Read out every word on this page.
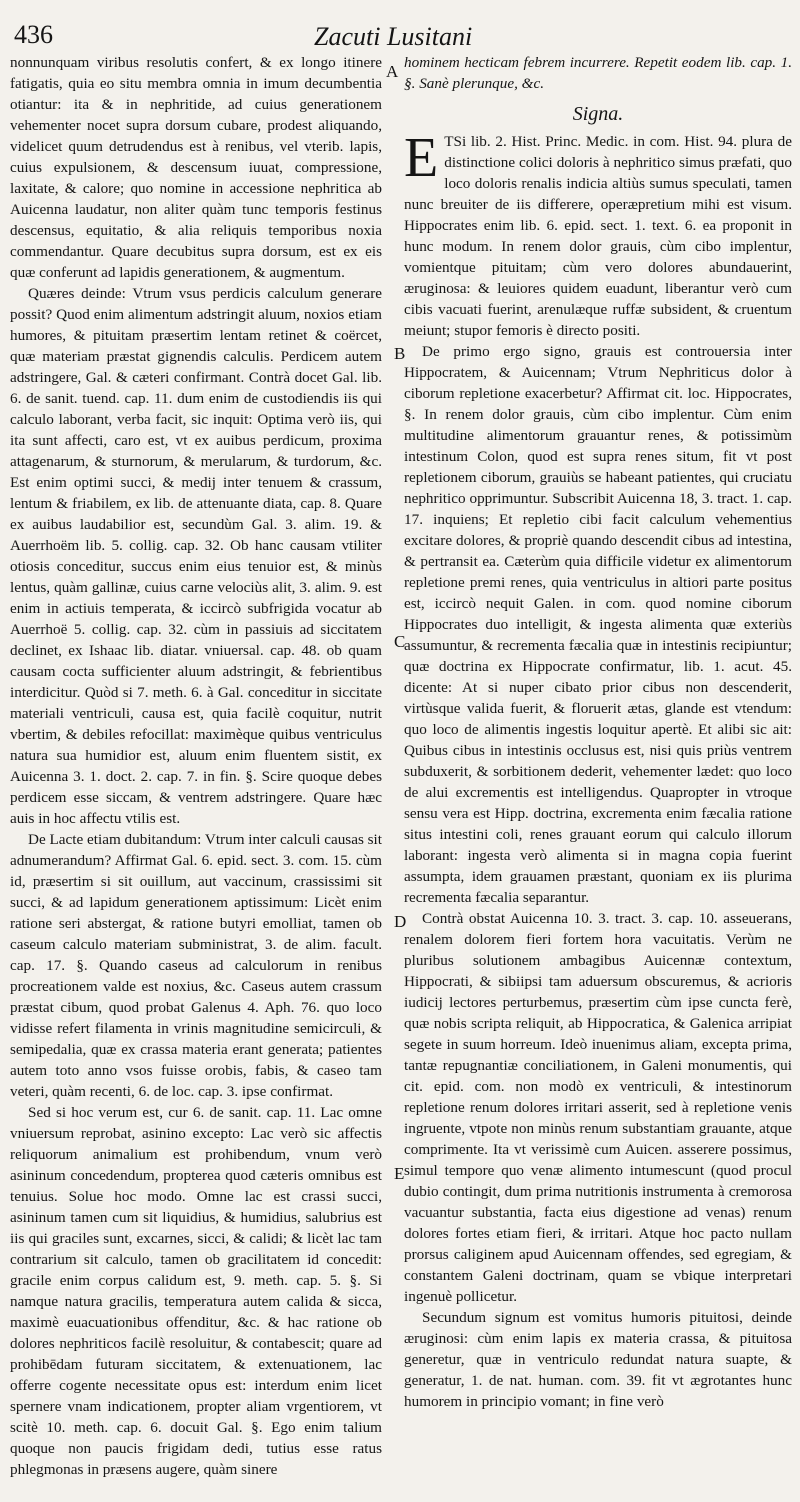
436	Zacuti Lusitani

nonnunquam viribus resolutis confert, & ex longo itinere fatigatis, quia eo situ membra omnia in imum decumbentia otiantur: ita & in nephritide, ad cuius generationem vehementer nocet supra dorsum cubare, prodest aliquando, videlicet quum detrudendus est à renibus, vel vterib. lapis, cuius expulsionem, & descensum iuuat, compressione, laxitate, & calore; quo nomine in accessione nephritica ab Auicenna laudatur, non aliter quàm tunc temporis festinus descensus, equitatio, & alia reliquis temporibus noxia commendantur. Quare decubitus supra dorsum, est ex eis quæ conferunt ad lapidis generationem, & augmentum.

Quæres deinde: Vtrum vsus perdicis calculum generare possit? Quod enim alimentum adstringit aluum, noxios etiam humores, & pituitam præsertim lentam retinet & coërcet, quæ materiam præstat gignendis calculis. Perdicem autem adstringere, Gal. & cæteri confirmant. Contrà docet Gal. lib. 6. de sanit. tuend. cap. 11. dum enim de custodiendis iis qui calculo laborant, verba facit, sic inquit: Optima verò iis, qui ita sunt affecti, caro est, vt ex auibus perdicum, proxima attagenarum, & sturnorum, & merularum, & turdorum, &c. Est enim optimi succi, & medij inter tenuem & crassum, lentum & friabilem, ex lib. de attenuante diata, cap. 8. Quare ex auibus laudabilior est, secundùm Gal. 3. alim. 19. & Auerrhoëm lib. 5. collig. cap. 32. Ob hanc causam vtiliter otiosis conceditur, succus enim eius tenuior est, & minùs lentus, quàm gallinæ, cuius carne velociùs alit, 3. alim. 9. est enim in actiuis temperata, & iccircò subfrigida vocatur ab Auerrhoë 5. collig. cap. 32. cùm in passiuis ad siccitatem declinet, ex Ishaac lib. diatar. vniuersal. cap. 48. ob quam causam cocta sufficienter aluum adstringit, & febrientibus interdicitur. Quòd si 7. meth. 6. à Gal. conceditur in siccitate materiali ventriculi, causa est, quia facilè coquitur, nutrit vbertim, & debiles refocillat: maximèque quibus ventriculus natura sua humidior est, aluum enim fluentem sistit, ex Auicenna 3. 1. doct. 2. cap. 7. in fin. §. Scire quoque debes perdicem esse siccam, & ventrem adstringere. Quare hæc auis in hoc affectu vtilis est.

De Lacte etiam dubitandum: Vtrum inter calculi causas sit adnumerandum? Affirmat Gal. 6. epid. sect. 3. com. 15. cùm id, præsertim si sit ouillum, aut vaccinum, crassissimi sit succi, & ad lapidum generationem aptissimum: Licèt enim ratione seri abstergat, & ratione butyri emolliat, tamen ob caseum calculo materiam subministrat, 3. de alim. facult. cap. 17. §. Quando caseus ad calculorum in renibus procreationem valde est noxius, &c. Caseus autem crassum præstat cibum, quod probat Galenus 4. Aph. 76. quo loco vidisse refert filamenta in vrinis magnitudine semicirculi, & semipedalia, quæ ex crassa materia erant generata; patientes autem toto anno vsos fuisse orobis, fabis, & caseo tam veteri, quàm recenti, 6. de loc. cap. 3. ipse confirmat.

Sed si hoc verum est, cur 6. de sanit. cap. 11. Lac omne vniuersum reprobat, asinino excepto: Lac verò sic affectis reliquorum animalium est prohibendum, vnum verò asininum concedendum, propterea quod cæteris omnibus est tenuius. Solue hoc modo. Omne lac est crassi succi, asininum tamen cum sit liquidius, & humidius, salubrius est iis qui graciles sunt, excarnes, sicci, & calidi; & licèt lac tam contrarium sit calculo, tamen ob gracilitatem id concedit: gracile enim corpus calidum est, 9. meth. cap. 5. §. Si namque natura gracilis, temperatura autem calida & sicca, maximè euacuationibus offenditur, &c. & hac ratione ob dolores nephriticos facilè resoluitur, & contabescit; quare ad prohibēdam futuram siccitatem, & extenuationem, lac offerre cogente necessitate opus est: interdum enim licet spernere vnam indicationem, propter aliam vrgentiorem, vt scitè 10. meth. cap. 6. docuit Gal. §. Ego enim talium quoque non paucis frigidam dedi, tutius esse ratus phlegmonas in præsens augere, quàm sinere

A
B
C
D
E

hominem hecticam febrem incurrere. Repetit eodem lib. cap. 1. §. Sanè plerunque, &c.

Signa.

E TSi lib. 2. Hist. Princ. Medic. in com. Hist. 94. plura de distinctione colici doloris à nephritico simus præfati, quo loco doloris renalis indicia altiùs sumus speculati, tamen nunc breuiter de iis differere, operæpretium mihi est visum. Hippocrates enim lib. 6. epid. sect. 1. text. 6. ea proponit in hunc modum. In renem dolor grauis, cùm cibo implentur, vomientque pituitam; cùm vero dolores abundauerint, æruginosa: & leuiores quidem euadunt, liberantur verò cum cibis vacuati fuerint, arenulæque ruffæ subsident, & cruentum meiunt; stupor femoris è directo positi.

De primo ergo signo, grauis est controuersia inter Hippocratem, & Auicennam; Vtrum Nephriticus dolor à ciborum repletione exacerbetur? Affirmat cit. loc. Hippocrates, §. In renem dolor grauis, cùm cibo implentur. Cùm enim multitudine alimentorum grauantur renes, & potissimùm intestinum Colon, quod est supra renes situm, fit vt post repletionem ciborum, grauiùs se habeant patientes, qui cruciatu nephritico opprimuntur. Subscribit Auicenna 18, 3. tract. 1. cap. 17. inquiens; Et repletio cibi facit calculum vehementius excitare dolores, & propriè quando descendit cibus ad intestina, & pertransit ea. Cæterùm quia difficile videtur ex alimentorum repletione premi renes, quia ventriculus in altiori parte positus est, iccircò nequit Galen. in com. quod nomine ciborum Hippocrates duo intelligit, & ingesta alimenta quæ exteriùs assumuntur, & recrementa fæcalia quæ in intestinis recipiuntur; quæ doctrina ex Hippocrate confirmatur, lib. 1. acut. 45. dicente: At si nuper cibato prior cibus non descenderit, virtùsque valida fuerit, & floruerit ætas, glande est vtendum: quo loco de alimentis ingestis loquitur apertè. Et alibi sic ait: Quibus cibus in intestinis occlusus est, nisi quis priùs ventrem subduxerit, & sorbitionem dederit, vehementer lædet: quo loco de alui excrementis est intelligendus. Quapropter in vtroque sensu vera est Hipp. doctrina, excrementa enim fæcalia ratione situs intestini coli, renes grauant eorum qui calculo illorum laborant: ingesta verò alimenta si in magna copia fuerint assumpta, idem grauamen præstant, quoniam ex iis plurima recrementa fæcalia separantur.

Contrà obstat Auicenna 10. 3. tract. 3. cap. 10. asseuerans, renalem dolorem fieri fortem hora vacuitatis. Verùm ne pluribus solutionem ambagibus Auicennæ contextum, Hippocrati, & sibiipsi tam aduersum obscuremus, & acrioris iudicij lectores perturbemus, præsertim cùm ipse cuncta ferè, quæ nobis scripta reliquit, ab Hippocratica, & Galenica arripiat segete in suum horreum. Ideò inuenimus aliam, excepta prima, tantæ repugnantiæ conciliationem, in Galeni monumentis, qui cit. epid. com. non modò ex ventriculi, & intestinorum repletione renum dolores irritari asserit, sed à repletione venis ingruente, vtpote non minùs renum substantiam grauante, atque comprimente. Ita vt verissimè cum Auicen. asserere possimus, simul tempore quo venæ alimento intumescunt (quod procul dubio contingit, dum prima nutritionis instrumenta à cremorosa vacuantur substantia, facta eius digestione ad venas) renum dolores fortes etiam fieri, & irritari. Atque hoc pacto nullam prorsus caliginem apud Auicennam offendes, sed egregiam, & constantem Galeni doctrinam, quam se vbique interpretari ingenuè pollicetur.

Secundum signum est vomitus humoris pituitosi, deinde æruginosi: cùm enim lapis ex materia crassa, & pituitosa generetur, quæ in ventriculo redundat natura suapte, & generatur, 1. de nat. human. com. 39. fit vt ægrotantes hunc humorem in principio vomant; in fine verò
